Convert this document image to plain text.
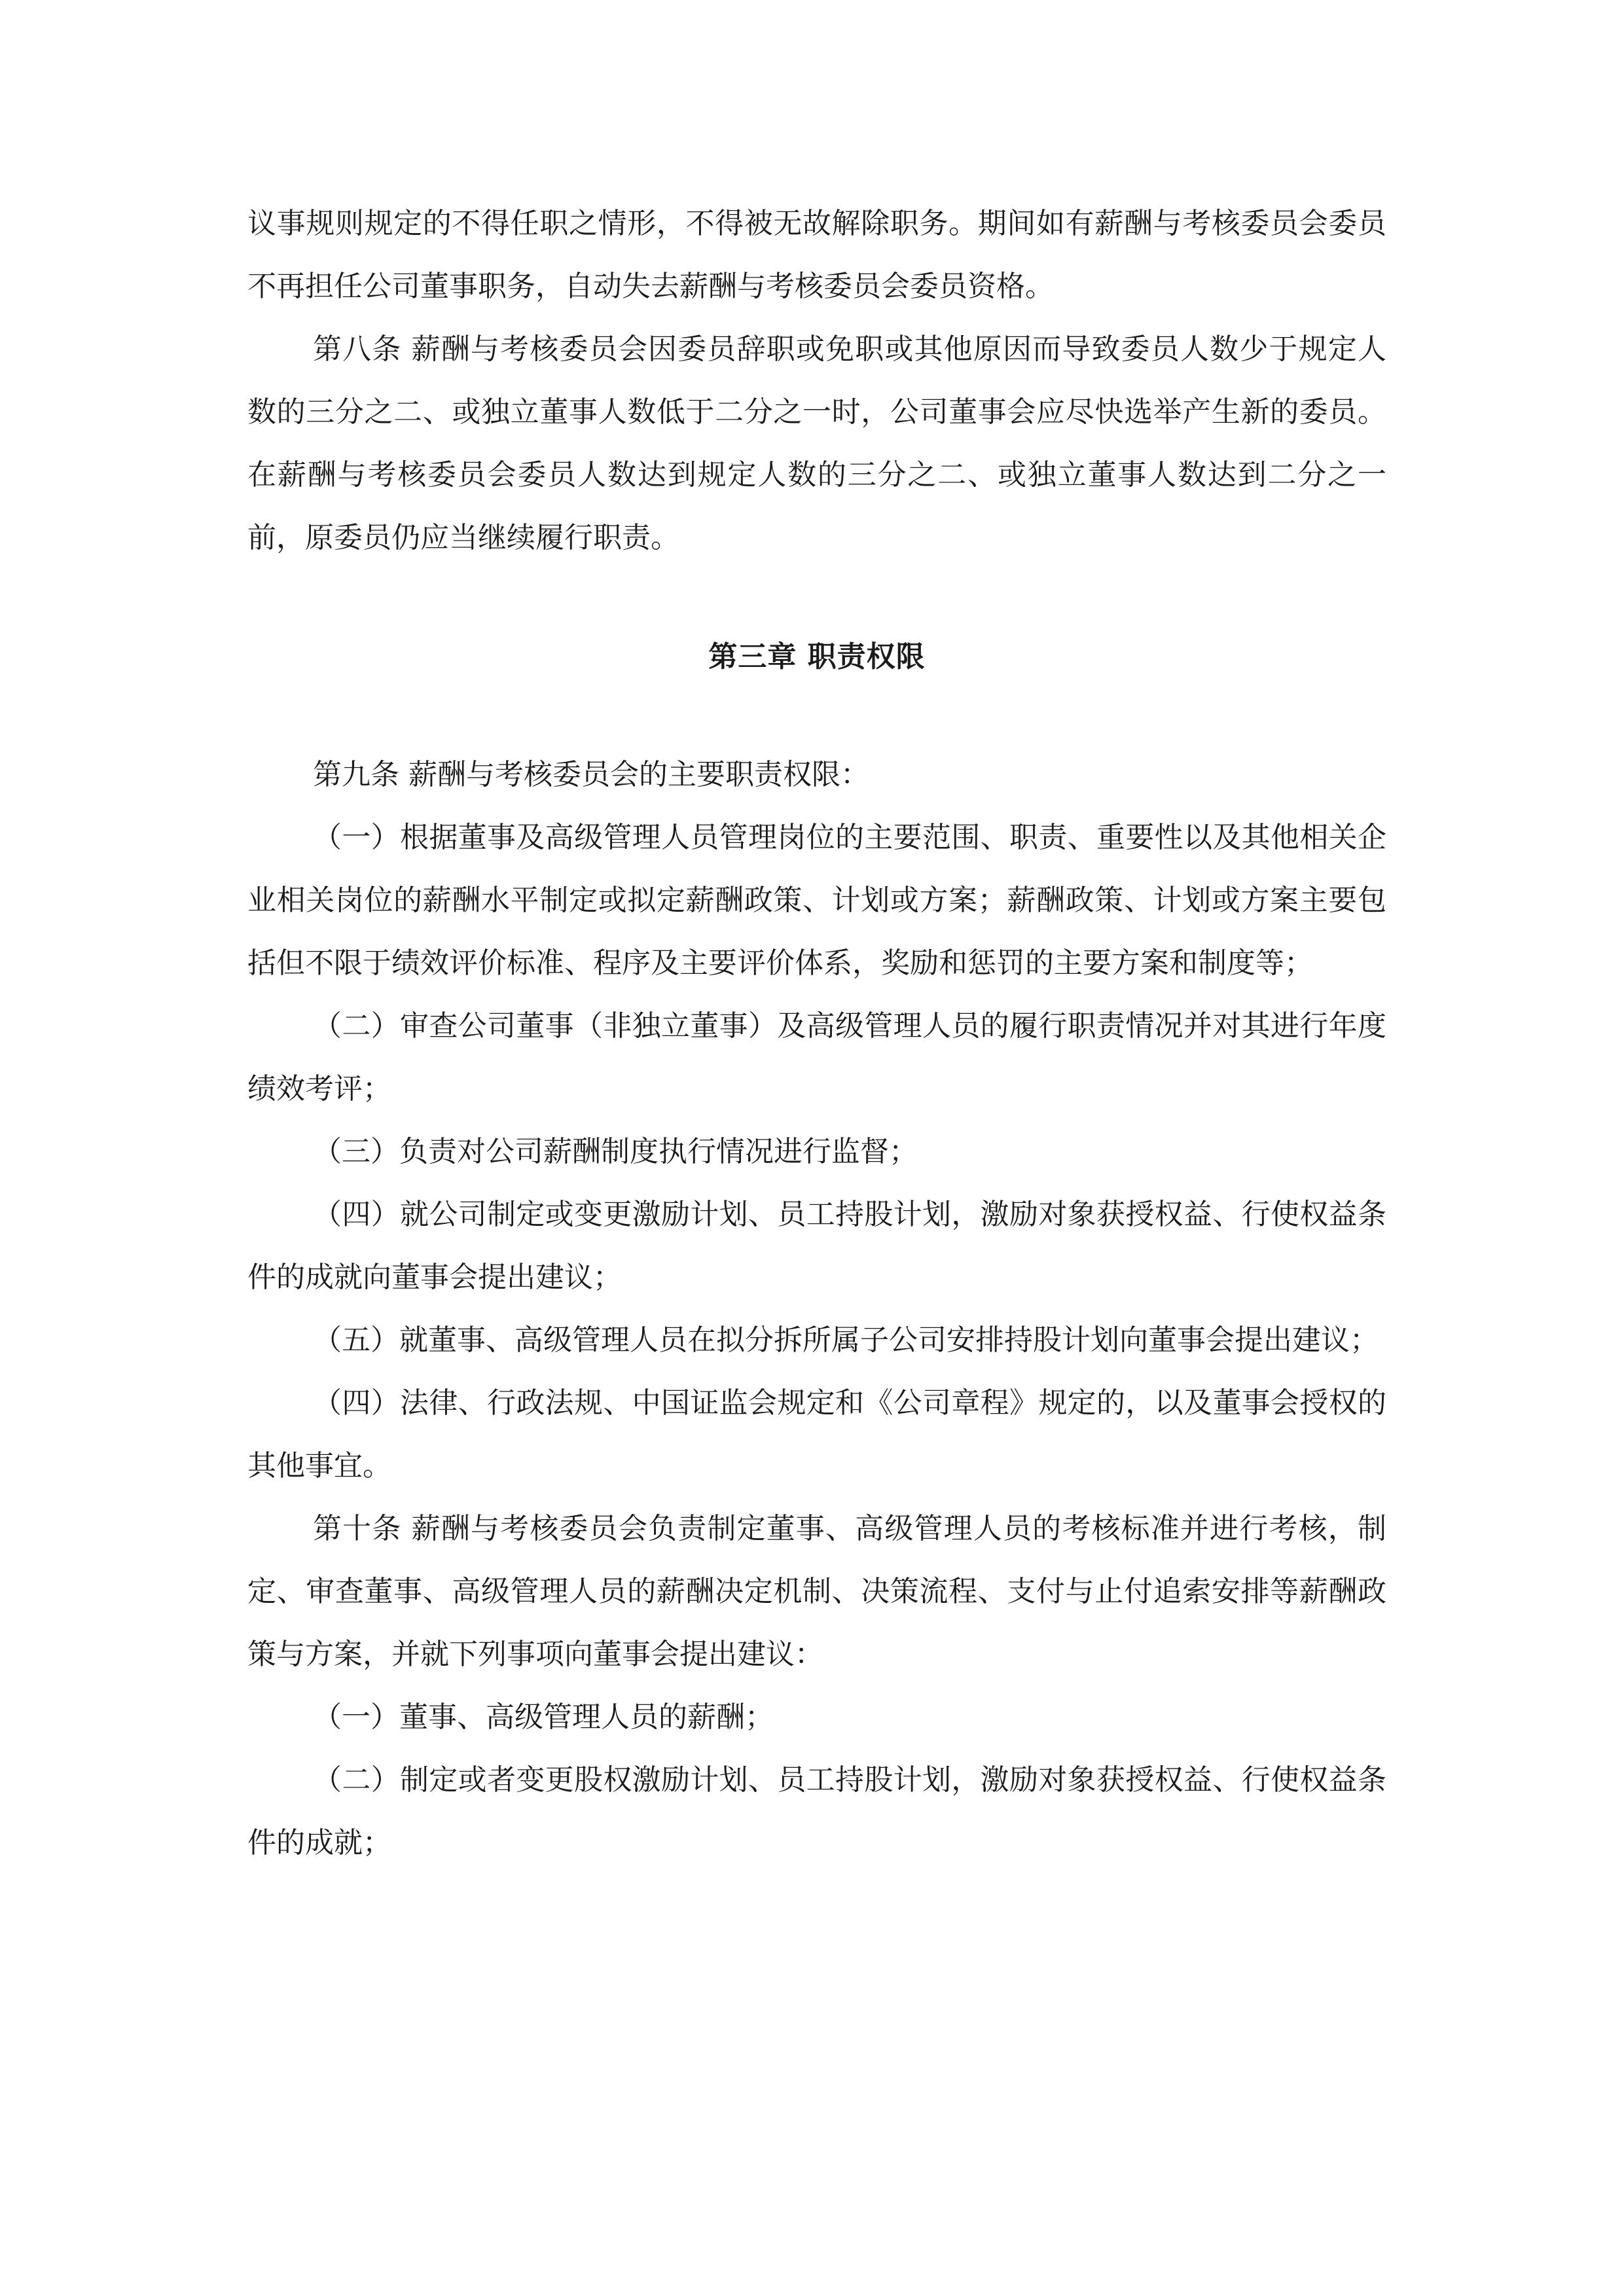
议事规则规定的不得任职之情形，不得被无故解除职务。期间如有薪酬与考核委员会委员不再担任公司董事职务，自动失去薪酬与考核委员会委员资格。

第八条 薪酬与考核委员会因委员辞职或免职或其他原因而导致委员人数少于规定人数的三分之二、或独立董事人数低于二分之一时，公司董事会应尽快选举产生新的委员。在薪酬与考核委员会委员人数达到规定人数的三分之二、或独立董事人数达到二分之一前，原委员仍应当继续履行职责。

第三章 职责权限

第九条 薪酬与考核委员会的主要职责权限：

（一）根据董事及高级管理人员管理岗位的主要范围、职责、重要性以及其他相关企业相关岗位的薪酬水平制定或拟定薪酬政策、计划或方案；薪酬政策、计划或方案主要包括但不限于绩效评价标准、程序及主要评价体系，奖励和惩罚的主要方案和制度等；

（二）审查公司董事（非独立董事）及高级管理人员的履行职责情况并对其进行年度绩效考评；

（三）负责对公司薪酬制度执行情况进行监督；

（四）就公司制定或变更激励计划、员工持股计划，激励对象获授权益、行使权益条件的成就向董事会提出建议；

（五）就董事、高级管理人员在拟分拆所属子公司安排持股计划向董事会提出建议；

（四）法律、行政法规、中国证监会规定和《公司章程》规定的，以及董事会授权的其他事宜。

第十条 薪酬与考核委员会负责制定董事、高级管理人员的考核标准并进行考核，制定、审查董事、高级管理人员的薪酬决定机制、决策流程、支付与止付追索安排等薪酬政策与方案，并就下列事项向董事会提出建议：

（一）董事、高级管理人员的薪酬；

（二）制定或者变更股权激励计划、员工持股计划，激励对象获授权益、行使权益条件的成就；
